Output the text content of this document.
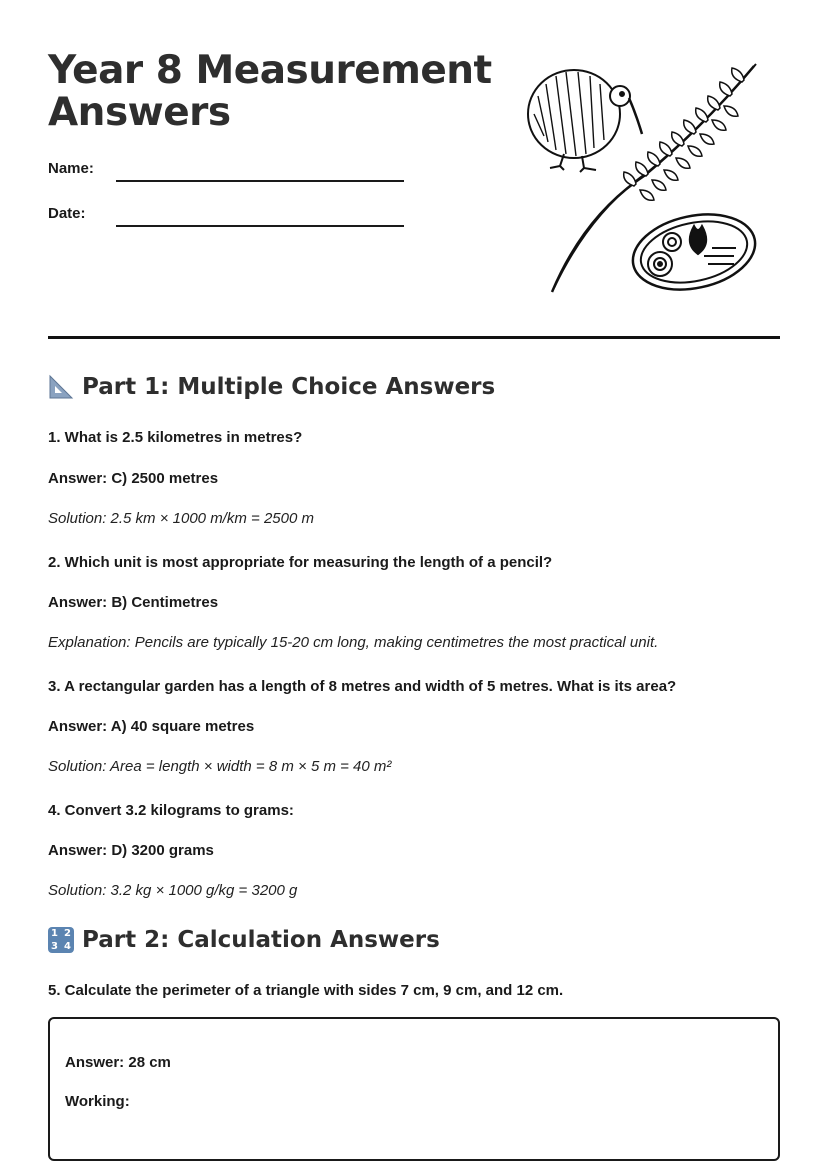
Year 8 Measurement
Answers
Name:
Date:
Part 1: Multiple Choice Answers

1. What is 2.5 kilometres in metres?

Answer: C) 2500 metres

Solution: 2.5 km × 1000 m/km = 2500 m

2. Which unit is most appropriate for measuring the length of a pencil?

Answer: B) Centimetres

Explanation: Pencils are typically 15-20 cm long, making centimetres the most practical unit.

3. A rectangular garden has a length of 8 metres and width of 5 metres. What is its area?

Answer: A) 40 square metres

Solution: Area = length × width = 8 m × 5 m = 40 m²

4. Convert 3.2 kilograms to grams:

Answer: D) 3200 grams

Solution: 3.2 kg × 1000 g/kg = 3200 g

1 2
3 4 Part 2: Calculation Answers

5. Calculate the perimeter of a triangle with sides 7 cm, 9 cm, and 12 cm.

Answer: 28 cm
Working:
